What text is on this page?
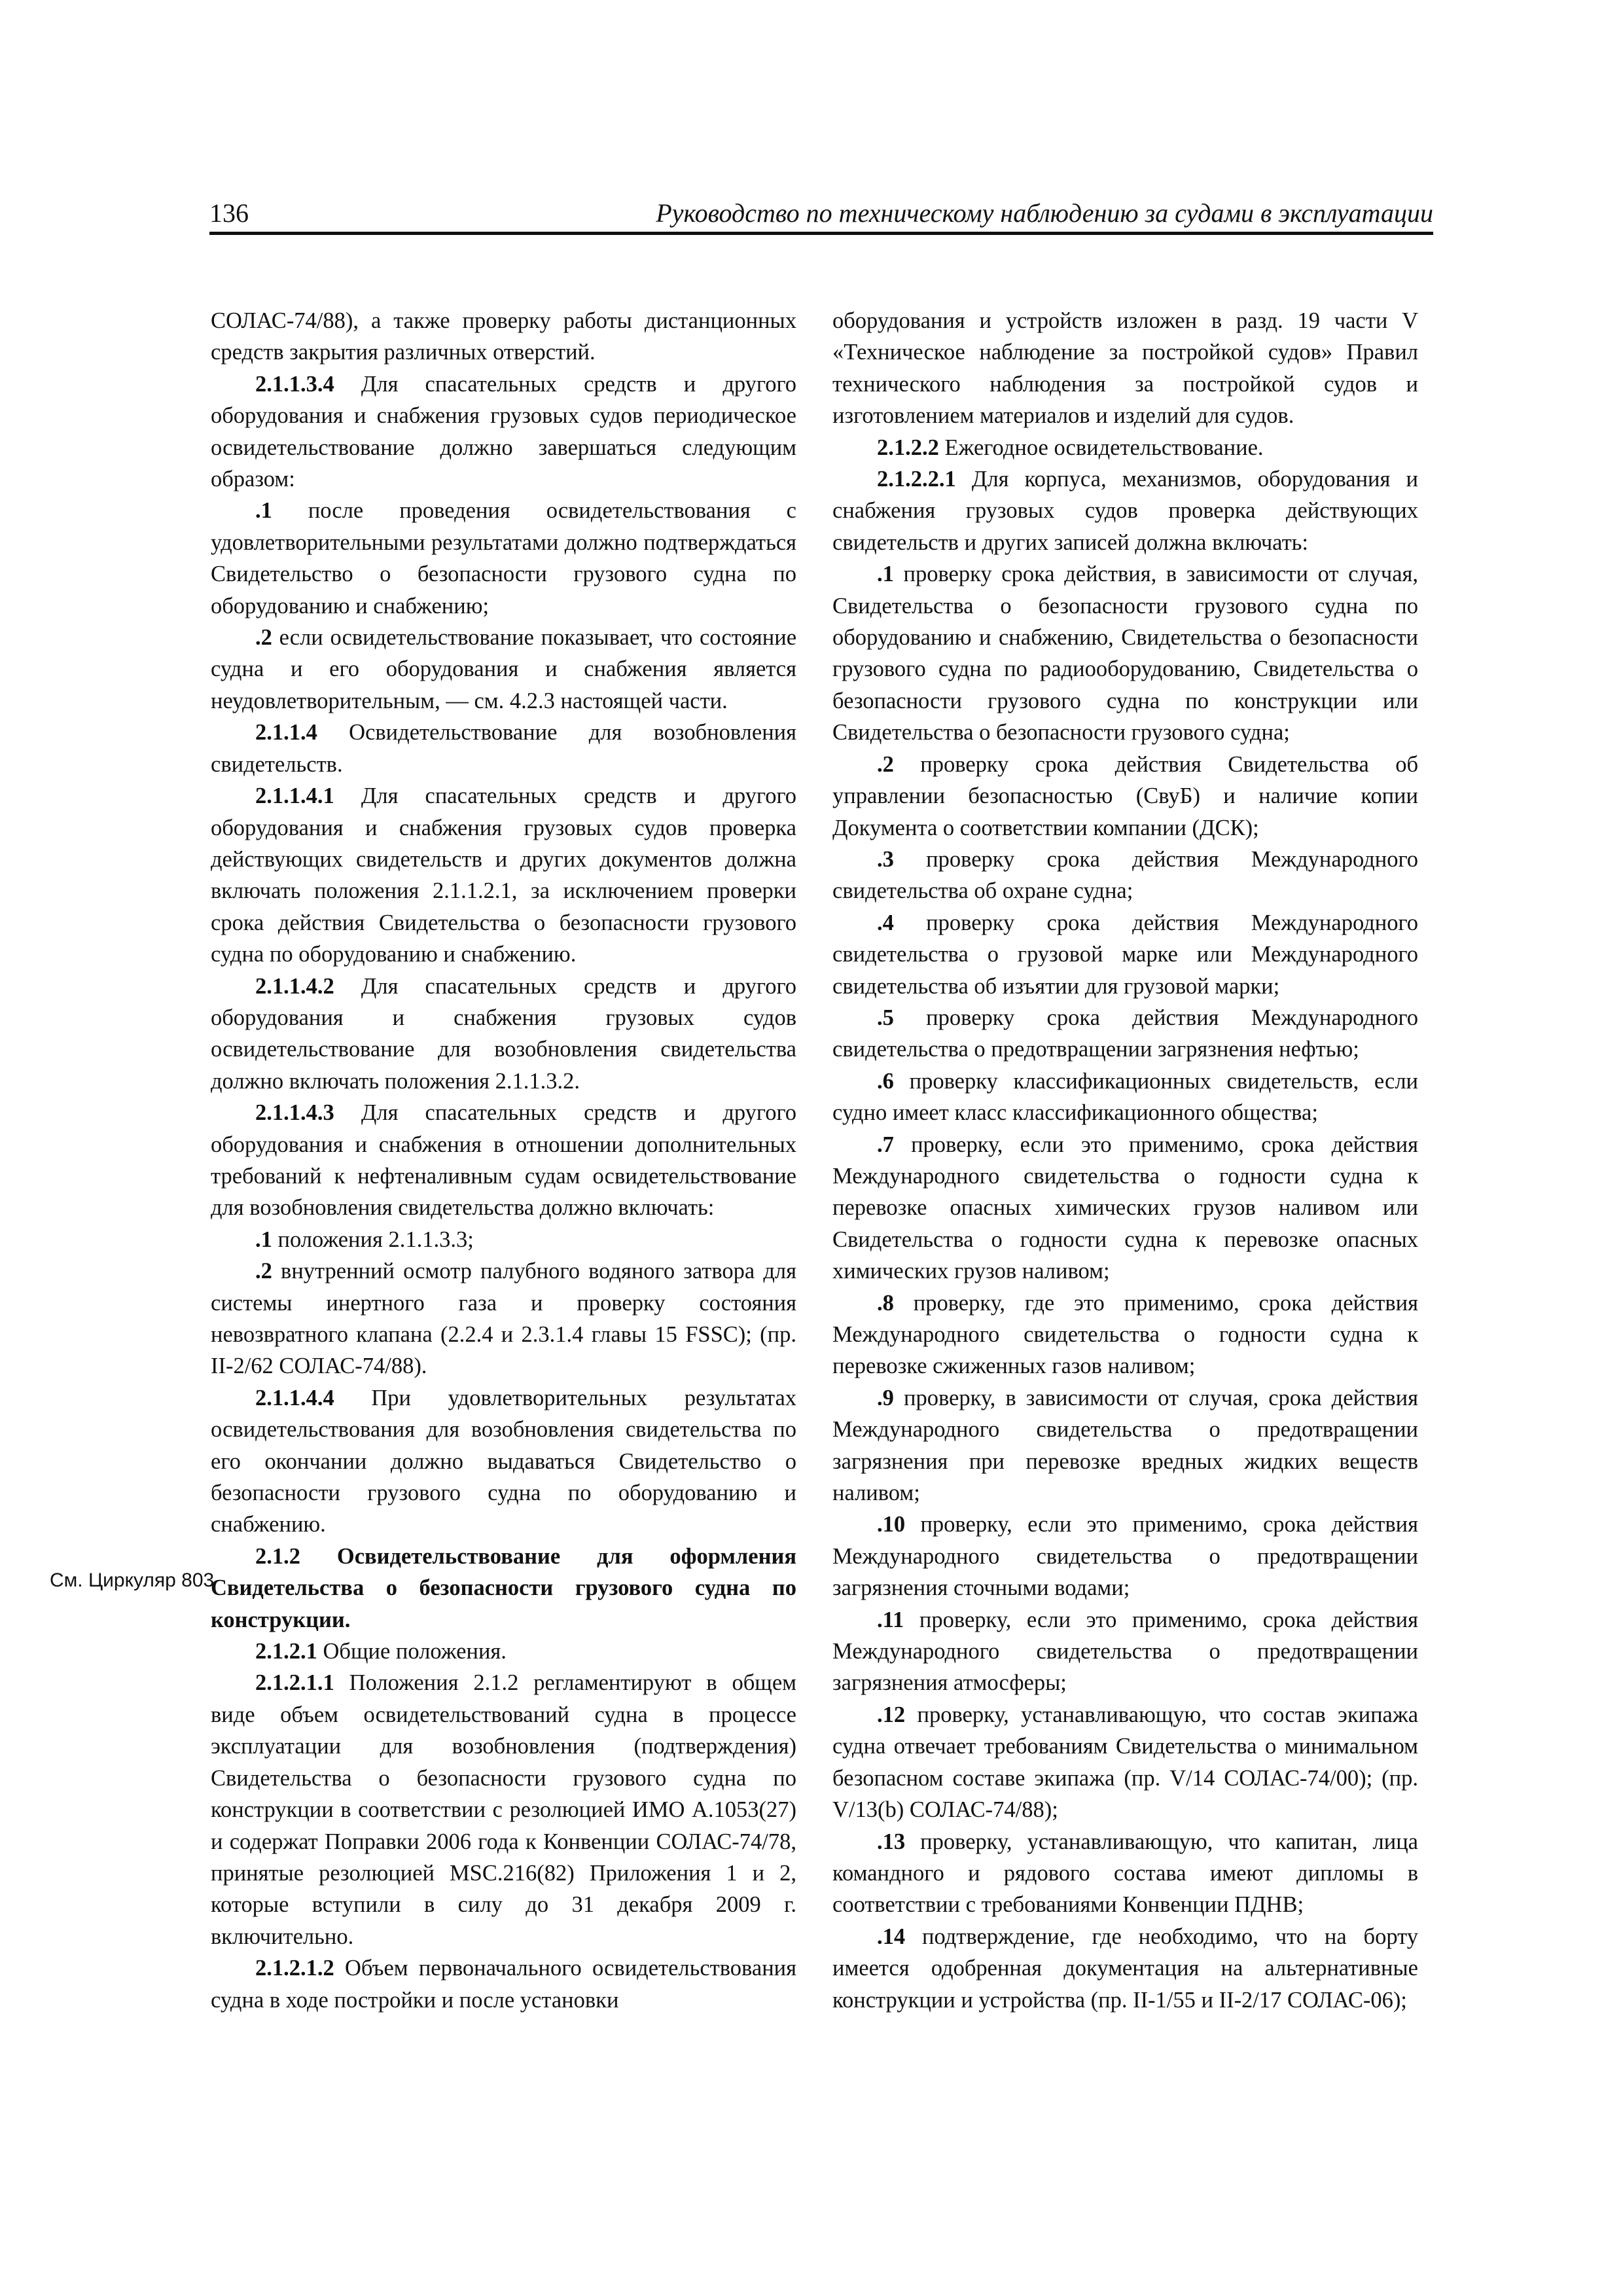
136	Руководство по техническому наблюдению за судами в эксплуатации
См. Циркуляр 803

СОЛАС-74/88), а также проверку работы дистанционных средств закрытия различных отверстий.

2.1.1.3.4 Для спасательных средств и другого оборудования и снабжения грузовых судов периодическое освидетельствование должно завершаться следующим образом:

.1 после проведения освидетельствования с удовлетворительными результатами должно подтверждаться Свидетельство о безопасности грузового судна по оборудованию и снабжению;

.2 если освидетельствование показывает, что состояние судна и его оборудования и снабжения является неудовлетворительным, — см. 4.2.3 настоящей части.

2.1.1.4 Освидетельствование для возобновления свидетельств.

2.1.1.4.1 Для спасательных средств и другого оборудования и снабжения грузовых судов проверка действующих свидетельств и других документов должна включать положения 2.1.1.2.1, за исключением проверки срока действия Свидетельства о безопасности грузового судна по оборудованию и снабжению.

2.1.1.4.2 Для спасательных средств и другого оборудования и снабжения грузовых судов освидетельствование для возобновления свидетельства должно включать положения 2.1.1.3.2.

2.1.1.4.3 Для спасательных средств и другого оборудования и снабжения в отношении дополнительных требований к нефтеналивным судам освидетельствование для возобновления свидетельства должно включать:

.1 положения 2.1.1.3.3;

.2 внутренний осмотр палубного водяного затвора для системы инертного газа и проверку состояния невозвратного клапана (2.2.4 и 2.3.1.4 главы 15 FSSC); (пр. II-2/62 СОЛАС-74/88).

2.1.1.4.4 При удовлетворительных результатах освидетельствования для возобновления свидетельства по его окончании должно выдаваться Свидетельство о безопасности грузового судна по оборудованию и снабжению.

2.1.2 Освидетельствование для оформления Свидетельства о безопасности грузового судна по конструкции.

2.1.2.1 Общие положения.

2.1.2.1.1 Положения 2.1.2 регламентируют в общем виде объем освидетельствований судна в процессе эксплуатации для возобновления (подтверждения) Свидетельства о безопасности грузового судна по конструкции в соответствии с резолюцией ИМО А.1053(27) и содержат Поправки 2006 года к Конвенции СОЛАС-74/78, принятые резолюцией MSC.216(82) Приложения 1 и 2, которые вступили в силу до 31 декабря 2009 г. включительно.

2.1.2.1.2 Объем первоначального освидетельствования судна в ходе постройки и после установки

оборудования и устройств изложен в разд. 19 части V «Техническое наблюдение за постройкой судов» Правил технического наблюдения за постройкой судов и изготовлением материалов и изделий для судов.

2.1.2.2 Ежегодное освидетельствование.

2.1.2.2.1 Для корпуса, механизмов, оборудования и снабжения грузовых судов проверка действующих свидетельств и других записей должна включать:

.1 проверку срока действия, в зависимости от случая, Свидетельства о безопасности грузового судна по оборудованию и снабжению, Свидетельства о безопасности грузового судна по радиооборудованию, Свидетельства о безопасности грузового судна по конструкции или Свидетельства о безопасности грузового судна;

.2 проверку срока действия Свидетельства об управлении безопасностью (СвуБ) и наличие копии Документа о соответствии компании (ДСК);

.3 проверку срока действия Международного свидетельства об охране судна;

.4 проверку срока действия Международного свидетельства о грузовой марке или Международного свидетельства об изъятии для грузовой марки;

.5 проверку срока действия Международного свидетельства о предотвращении загрязнения нефтью;

.6 проверку классификационных свидетельств, если судно имеет класс классификационного общества;

.7 проверку, если это применимо, срока действия Международного свидетельства о годности судна к перевозке опасных химических грузов наливом или Свидетельства о годности судна к перевозке опасных химических грузов наливом;

.8 проверку, где это применимо, срока действия Международного свидетельства о годности судна к перевозке сжиженных газов наливом;

.9 проверку, в зависимости от случая, срока действия Международного свидетельства о предотвращении загрязнения при перевозке вредных жидких веществ наливом;

.10 проверку, если это применимо, срока действия Международного свидетельства о предотвращении загрязнения сточными водами;

.11 проверку, если это применимо, срока действия Международного свидетельства о предотвращении загрязнения атмосферы;

.12 проверку, устанавливающую, что состав экипажа судна отвечает требованиям Свидетельства о минимальном безопасном составе экипажа (пр. V/14 СОЛАС-74/00); (пр. V/13(b) СОЛАС-74/88);

.13 проверку, устанавливающую, что капитан, лица командного и рядового состава имеют дипломы в соответствии с требованиями Конвенции ПДНВ;

.14 подтверждение, где необходимо, что на борту имеется одобренная документация на альтернативные конструкции и устройства (пр. II-1/55 и II-2/17 СОЛАС-06);
